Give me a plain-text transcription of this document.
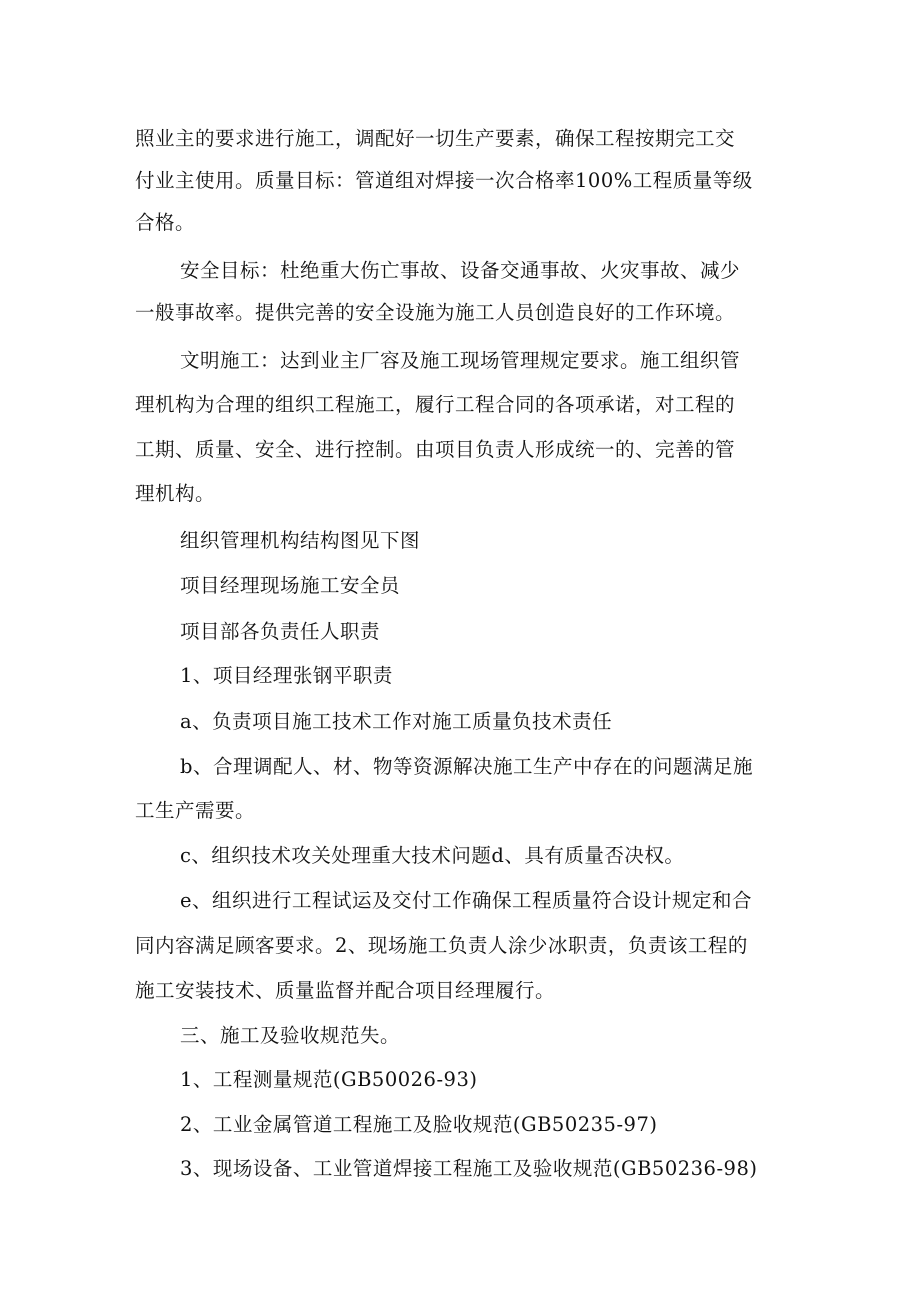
照业主的要求进行施工，调配好一切生产要素，确保工程按期完工交
付业主使用。质量目标：管道组对焊接一次合格率100%工程质量等级
合格。
安全目标：杜绝重大伤亡事故、设备交通事故、火灾事故、减少
一般事故率。提供完善的安全设施为施工人员创造良好的工作环境。
文明施工：达到业主厂容及施工现场管理规定要求。施工组织管
理机构为合理的组织工程施工，履行工程合同的各项承诺，对工程的
工期、质量、安全、进行控制。由项目负责人形成统一的、完善的管
理机构。
组织管理机构结构图见下图
项目经理现场施工安全员
项目部各负责任人职责
1、项目经理张钢平职责
a、负责项目施工技术工作对施工质量负技术责任
b、合理调配人、材、物等资源解决施工生产中存在的问题满足施
工生产需要。
c、组织技术攻关处理重大技术问题d、具有质量否决权。
e、组织进行工程试运及交付工作确保工程质量符合设计规定和合
同内容满足顾客要求。2、现场施工负责人涂少冰职责，负责该工程的
施工安装技术、质量监督并配合项目经理履行。
三、施工及验收规范失。
1、工程测量规范(GB50026-93)
2、工业金属管道工程施工及脸收规范(GB50235-97)
3、现场设备、工业管道焊接工程施工及验收规范(GB50236-98)
